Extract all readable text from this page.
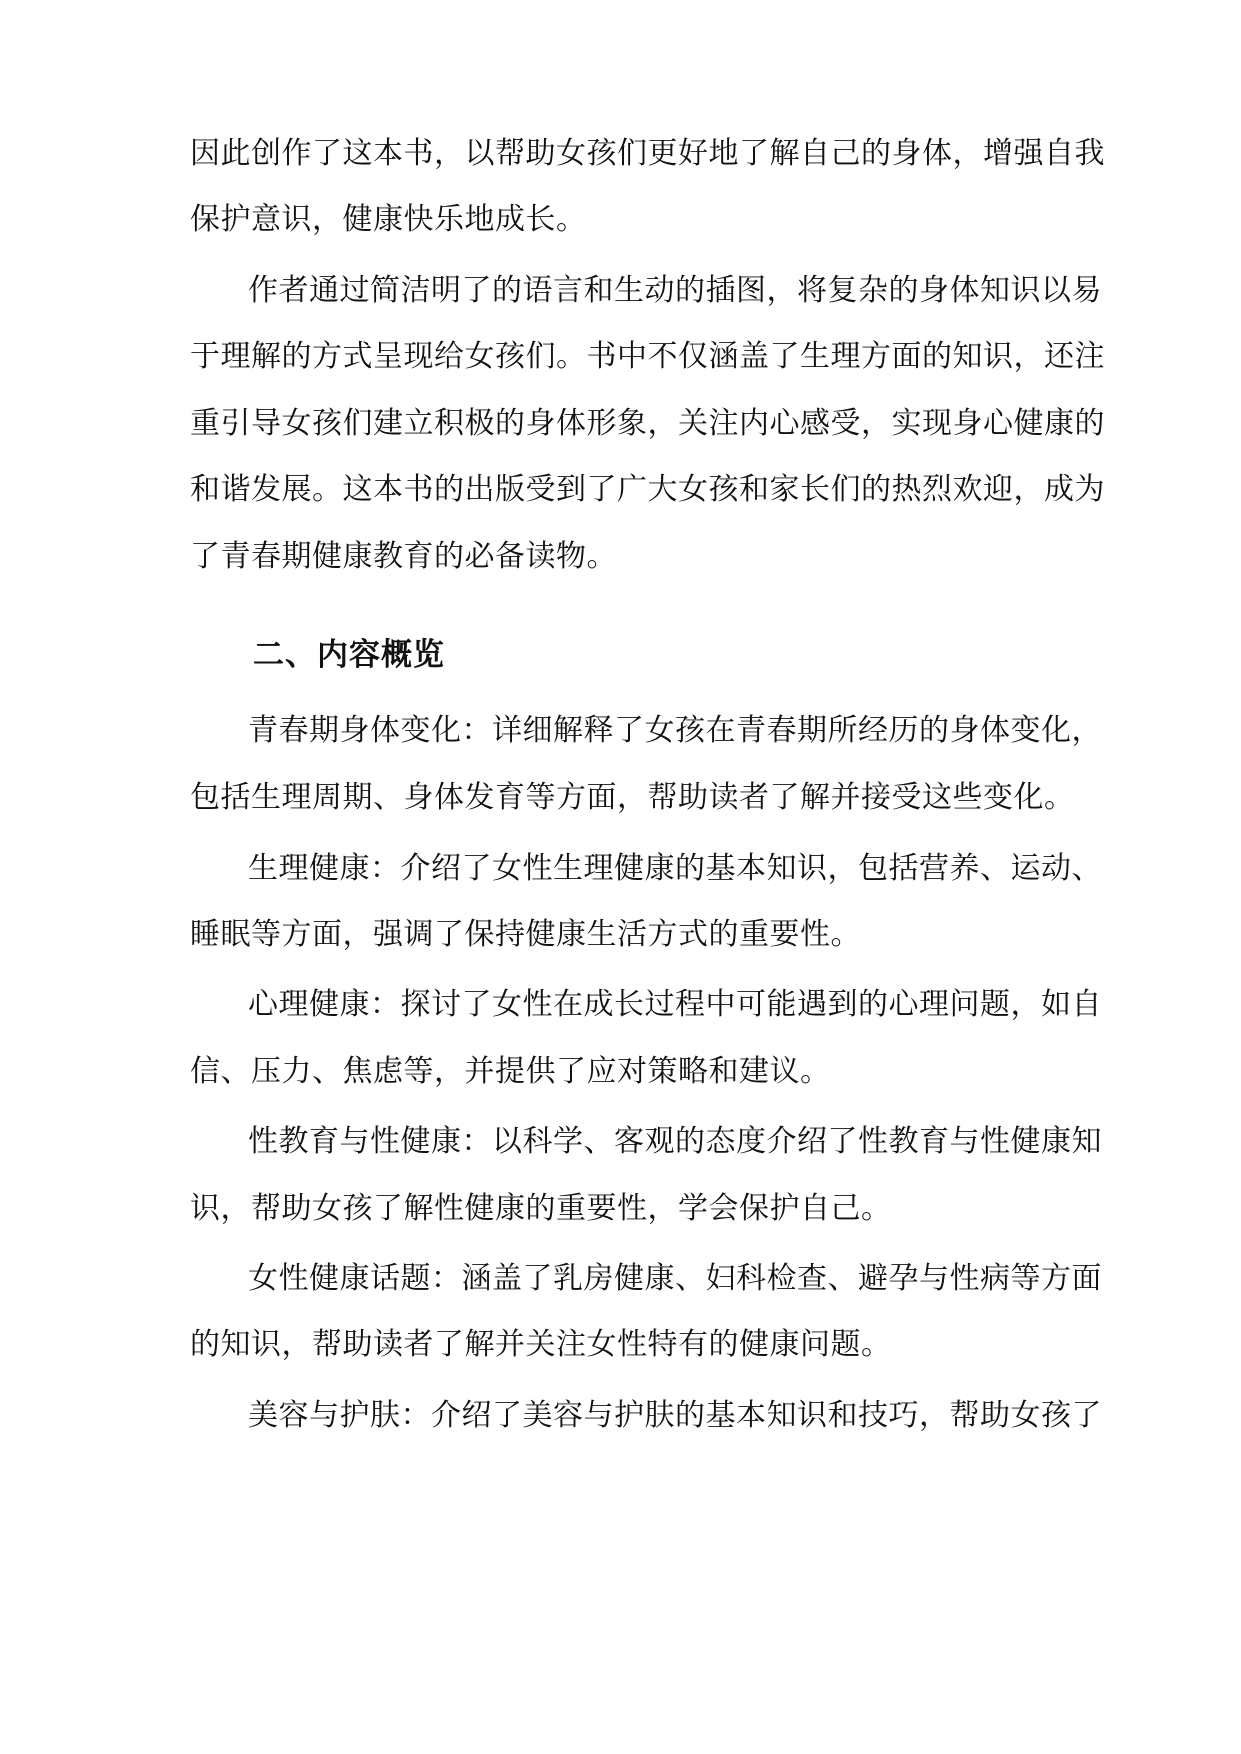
因此创作了这本书，以帮助女孩们更好地了解自己的身体，增强自我
保护意识，健康快乐地成长。
作者通过简洁明了的语言和生动的插图，将复杂的身体知识以易
于理解的方式呈现给女孩们。书中不仅涵盖了生理方面的知识，还注
重引导女孩们建立积极的身体形象，关注内心感受，实现身心健康的
和谐发展。这本书的出版受到了广大女孩和家长们的热烈欢迎，成为
了青春期健康教育的必备读物。
二、内容概览
青春期身体变化：详细解释了女孩在青春期所经历的身体变化，
包括生理周期、身体发育等方面，帮助读者了解并接受这些变化。
生理健康：介绍了女性生理健康的基本知识，包括营养、运动、
睡眠等方面，强调了保持健康生活方式的重要性。
心理健康：探讨了女性在成长过程中可能遇到的心理问题，如自
信、压力、焦虑等，并提供了应对策略和建议。
性教育与性健康：以科学、客观的态度介绍了性教育与性健康知
识，帮助女孩了解性健康的重要性，学会保护自己。
女性健康话题：涵盖了乳房健康、妇科检查、避孕与性病等方面
的知识，帮助读者了解并关注女性特有的健康问题。
美容与护肤：介绍了美容与护肤的基本知识和技巧，帮助女孩了
